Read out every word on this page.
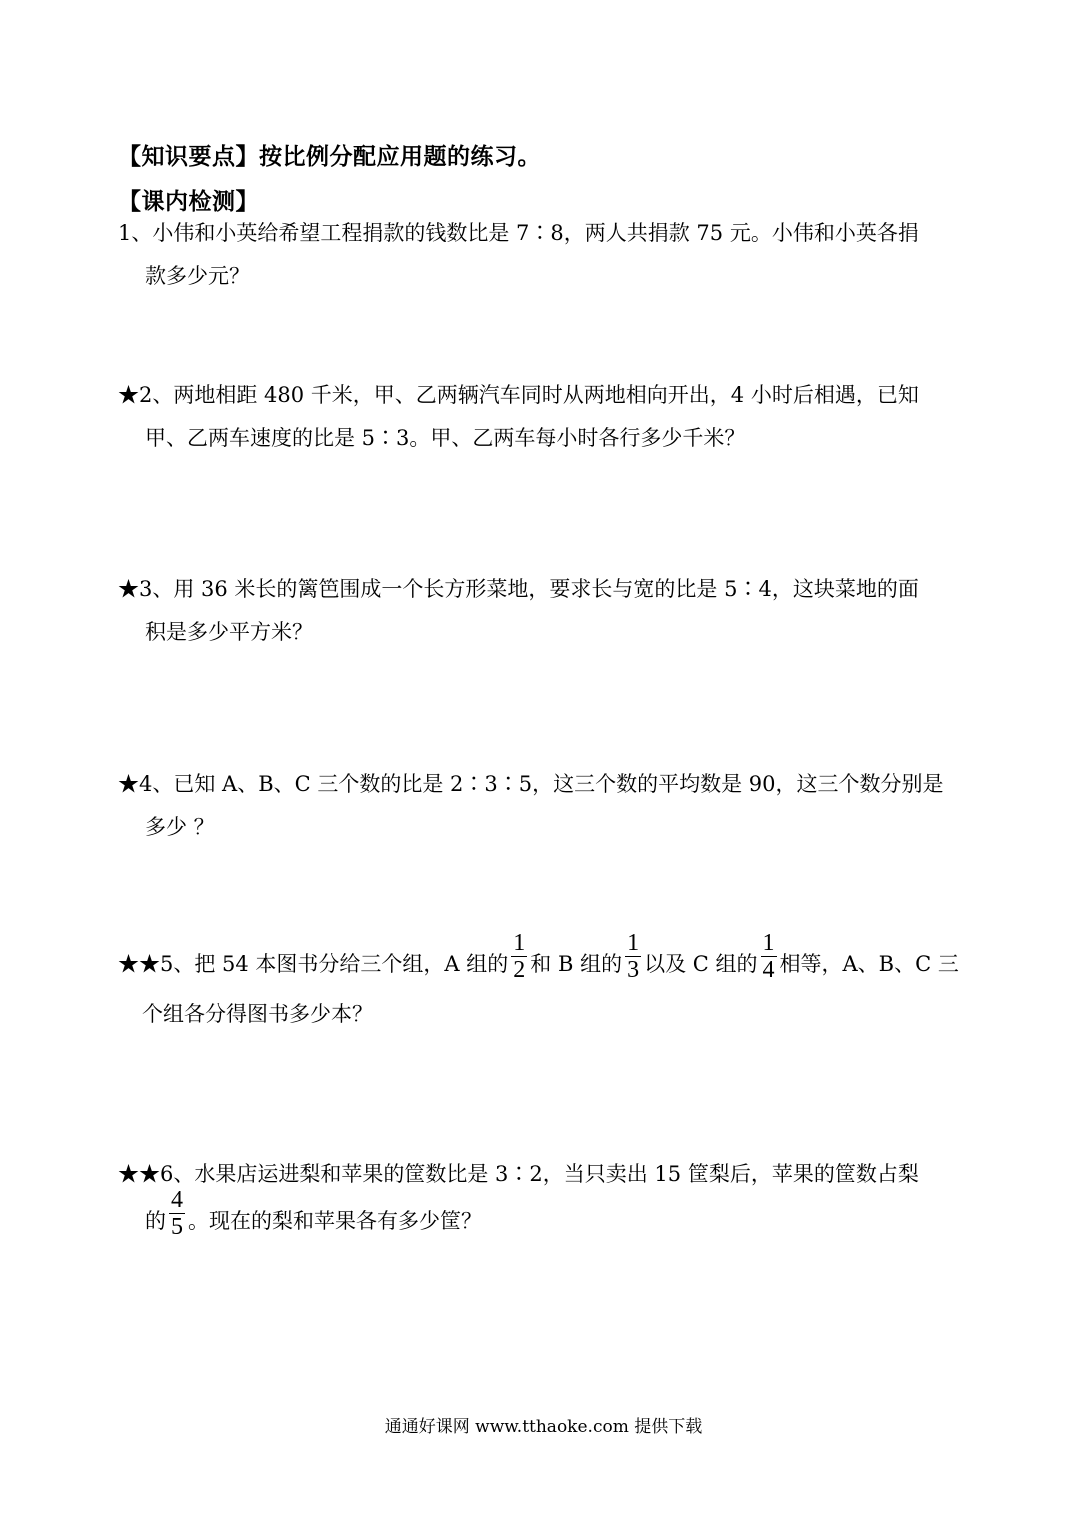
【知识要点】按比例分配应用题的练习。
【课内检测】
1、小伟和小英给希望工程捐款的钱数比是 7∶8，两人共捐款 75 元。小伟和小英各捐
款多少元？
★2、两地相距 480 千米，甲、乙两辆汽车同时从两地相向开出，4 小时后相遇，已知
甲、乙两车速度的比是 5∶3。甲、乙两车每小时各行多少千米？
★3、用 36 米长的篱笆围成一个长方形菜地，要求长与宽的比是 5∶4，这块菜地的面
积是多少平方米？
★4、已知 A、B、C 三个数的比是 2∶3∶5，这三个数的平均数是 90，这三个数分别是
多少 ？
★★5、把 54 本图书分给三个组，A 组的 $\frac{1}{2}$ 和 B 组的 $\frac{1}{3}$ 以及 C 组的 $\frac{1}{4}$ 相等，A、B、C 三
个组各分得图书多少本？
★★6、水果店运进梨和苹果的筐数比是 3∶2，当只卖出 15 筐梨后，苹果的筐数占梨
的 $\frac{4}{5}$ 。现在的梨和苹果各有多少筐？
通通好课网 www.tthaoke.com 提供下载
